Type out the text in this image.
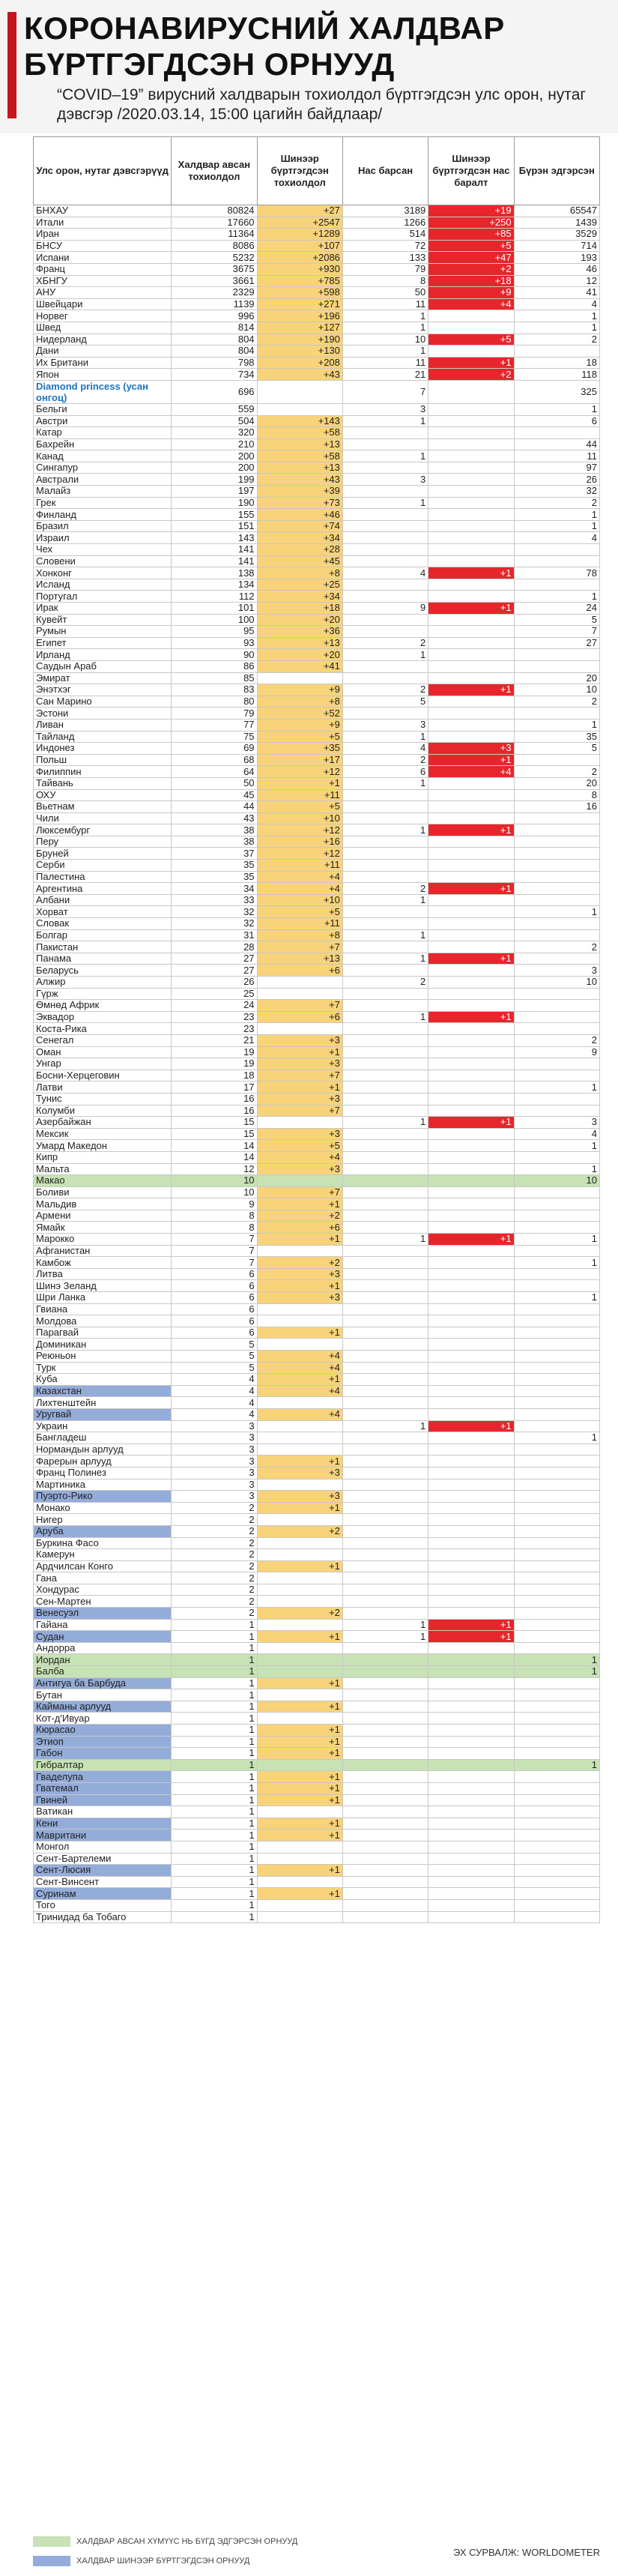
КОРОНАВИРУСНИЙ ХАЛДВАР БҮРТГЭГДСЭН ОРНУУД
“COVID–19” вирусний халдварын тохиолдол бүртгэгдсэн улс орон, нутаг дэвсгэр /2020.03.14, 15:00 цагийн байдлаар/
Улс орон, нутаг дэвсгэрүүд	Халдвар авсан тохиолдол	Шинээр бүртгэгдсэн тохиолдол	Нас барсан	Шинээр бүртгэгдсэн нас баралт	Бүрэн эдгэрсэн
БНХАУ	80824	+27	3189	+19	65547
Итали	17660	+2547	1266	+250	1439
Иран	11364	+1289	514	+85	3529
БНСУ	8086	+107	72	+5	714
Испани	5232	+2086	133	+47	193
Франц	3675	+930	79	+2	46
ХБНГУ	3661	+785	8	+18	12
АНУ	2329	+598	50	+9	41
Швейцари	1139	+271	11	+4	4
Норвег	996	+196	1		1
Швед	814	+127	1		1
Нидерланд	804	+190	10	+5	2
Дани	804	+130	1		
Их Британи	798	+208	11	+1	18
Япон	734	+43	21	+2	118
Diamond princess (усан онгоц)	696		7		325
Бельги	559		3		1
Австри	504	+143	1		6
Катар	320	+58			
Бахрейн	210	+13			44
Канад	200	+58	1		11
Сингапур	200	+13			97
Австрали	199	+43	3		26
Малайз	197	+39			32
Грек	190	+73	1		2
Финланд	155	+46			1
Бразил	151	+74			1
Израил	143	+34			4
Чех	141	+28			
Словени	141	+45			
Хонконг	138	+8	4	+1	78
Исланд	134	+25			
Португал	112	+34			1
Ирак	101	+18	9	+1	24
Кувейт	100	+20			5
Румын	95	+36			7
Египет	93	+13	2		27
Ирланд	90	+20	1		
Саудын Араб	86	+41			
Эмират	85				20
Энэтхэг	83	+9	2	+1	10
Сан Марино	80	+8	5		2
Эстони	79	+52			
Ливан	77	+9	3		1
Тайланд	75	+5	1		35
Индонез	69	+35	4	+3	5
Польш	68	+17	2	+1	
Филиппин	64	+12	6	+4	2
Тайвань	50	+1	1		20
ОХУ	45	+11			8
Вьетнам	44	+5			16
Чили	43	+10			
Люксембург	38	+12	1	+1	
Перу	38	+16			
Бруней	37	+12			
Серби	35	+11			
Палестина	35	+4			
Аргентина	34	+4	2	+1	
Албани	33	+10	1		
Хорват	32	+5			1
Словак	32	+11			
Болгар	31	+8	1		
Пакистан	28	+7			2
Панама	27	+13	1	+1	
Беларусь	27	+6			3
Алжир	26		2		10
Гүрж	25				
Өмнөд Африк	24	+7			
Эквадор	23	+6	1	+1	
Коста-Рика	23				
Сенегал	21	+3			2
Оман	19	+1			9
Унгар	19	+3			
Босни-Херцеговин	18	+7			
Латви	17	+1			1
Тунис	16	+3			
Колумби	16	+7			
Азербайжан	15		1	+1	3
Мексик	15	+3			4
Умард Македон	14	+5			1
Кипр	14	+4			
Мальта	12	+3			1
Макао	10				10
Боливи	10	+7			
Мальдив	9	+1			
Армени	8	+2			
Ямайк	8	+6			
Марокко	7	+1	1	+1	1
Афганистан	7				
Камбож	7	+2			1
Литва	6	+3			
Шинэ Зеланд	6	+1			
Шри Ланка	6	+3			1
Гвиана	6				
Молдова	6				
Парагвай	6	+1			
Доминикан	5				
Реюньон	5	+4			
Турк	5	+4			
Куба	4	+1			
Казахстан	4	+4			
Лихтенштейн	4				
Уругвай	4	+4			
Украин	3		1	+1	
Бангладеш	3				1
Нормандын арлууд	3				
Фарерын арлууд	3	+1			
Франц Полинез	3	+3			
Мартиника	3				
Пуэрто-Рико	3	+3			
Монако	2	+1			
Нигер	2				
Аруба	2	+2			
Буркина Фасо	2				
Камерун	2				
Ардчилсан Конго	2	+1			
Гана	2				
Хондурас	2				
Сен-Мартен	2				
Венесуэл	2	+2			
Гайана	1		1	+1	
Судан	1	+1	1	+1	
Андорра	1				
Иордан	1				1
Балба	1				1
Антигуа ба Барбуда	1	+1			
Бутан	1				
Кайманы арлууд	1	+1			
Кот-д'Ивуар	1				
Кюрасао	1	+1			
Этиоп	1	+1			
Габон	1	+1			
Гибралтар	1				1
Гваделупа	1	+1			
Гватемал	1	+1			
Гвиней	1	+1			
Ватикан	1				
Кени	1	+1			
Мавритани	1	+1			
Монгол	1				
Сент-Бартелеми	1				
Сент-Люсия	1	+1			
Сент-Винсент	1				
Суринам	1	+1			
Того	1				
Тринидад ба Тобаго	1				
ХАЛДВАР АВСАН ХҮМҮҮС НЬ БҮГД ЭДГЭРСЭН ОРНУУД
ХАЛДВАР ШИНЭЭР БҮРТГЭГДСЭН ОРНУУД
ЭХ СУРВАЛЖ: WORLDOMETER
